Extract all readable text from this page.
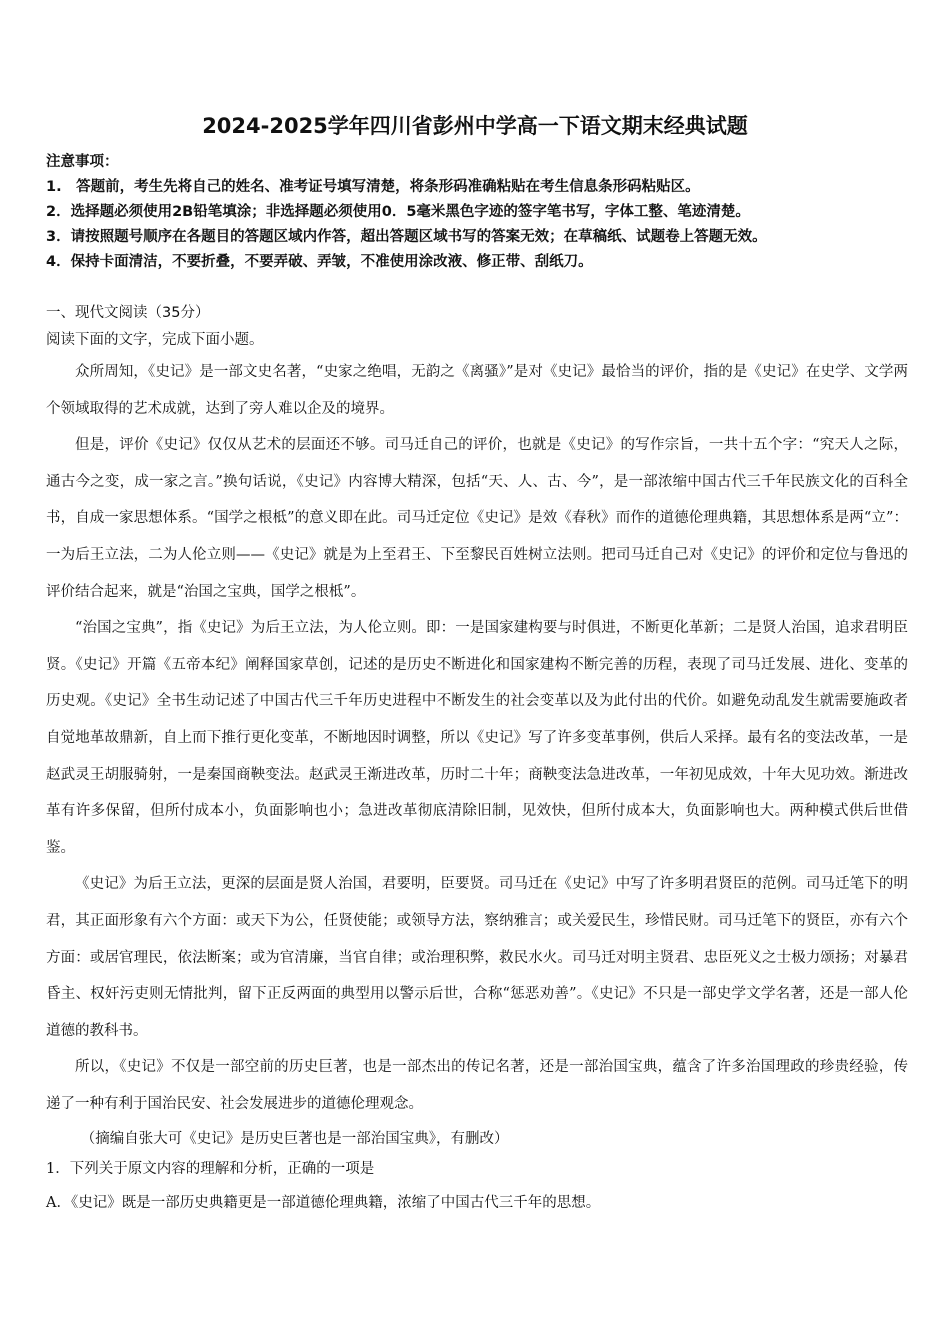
2024-2025学年四川省彭州中学高一下语文期末经典试题
注意事项：
1.　答题前，考生先将自己的姓名、准考证号填写清楚，将条形码准确粘贴在考生信息条形码粘贴区。
2．选择题必须使用2B铅笔填涂；非选择题必须使用0．5毫米黑色字迹的签字笔书写，字体工整、笔迹清楚。
3．请按照题号顺序在各题目的答题区域内作答，超出答题区域书写的答案无效；在草稿纸、试题卷上答题无效。
4．保持卡面清洁，不要折叠，不要弄破、弄皱，不准使用涂改液、修正带、刮纸刀。
一、现代文阅读（35分）
阅读下面的文字，完成下面小题。

众所周知，《史记》是一部文史名著，“史家之绝唱，无韵之《离骚》”是对《史记》最恰当的评价，指的是《史记》在史学、文学两个领域取得的艺术成就，达到了旁人难以企及的境界。

但是，评价《史记》仅仅从艺术的层面还不够。司马迁自己的评价，也就是《史记》的写作宗旨，一共十五个字：“究天人之际，通古今之变，成一家之言。”换句话说，《史记》内容博大精深，包括“天、人、古、今”，是一部浓缩中国古代三千年民族文化的百科全书，自成一家思想体系。“国学之根柢”的意义即在此。司马迁定位《史记》是效《春秋》而作的道德伦理典籍，其思想体系是两“立”：一为后王立法，二为人伦立则——《史记》就是为上至君王、下至黎民百姓树立法则。把司马迁自己对《史记》的评价和定位与鲁迅的评价结合起来，就是“治国之宝典，国学之根柢”。

“治国之宝典”，指《史记》为后王立法，为人伦立则。即：一是国家建构要与时俱进，不断更化革新；二是贤人治国，追求君明臣贤。《史记》开篇《五帝本纪》阐释国家草创，记述的是历史不断进化和国家建构不断完善的历程，表现了司马迁发展、进化、变革的历史观。《史记》全书生动记述了中国古代三千年历史进程中不断发生的社会变革以及为此付出的代价。如避免动乱发生就需要施政者自觉地革故鼎新，自上而下推行更化变革，不断地因时调整，所以《史记》写了许多变革事例，供后人采择。最有名的变法改革，一是赵武灵王胡服骑射，一是秦国商鞅变法。赵武灵王渐进改革，历时二十年；商鞅变法急进改革，一年初见成效，十年大见功效。渐进改革有许多保留，但所付成本小，负面影响也小；急进改革彻底清除旧制，见效快，但所付成本大，负面影响也大。两种模式供后世借鉴。

《史记》为后王立法，更深的层面是贤人治国，君要明，臣要贤。司马迁在《史记》中写了许多明君贤臣的范例。司马迁笔下的明君，其正面形象有六个方面：或天下为公，任贤使能；或领导方法，察纳雅言；或关爱民生，珍惜民财。司马迁笔下的贤臣，亦有六个方面：或居官理民，依法断案；或为官清廉，当官自律；或治理积弊，救民水火。司马迁对明主贤君、忠臣死义之士极力颂扬；对暴君昏主、权奸污吏则无情批判，留下正反两面的典型用以警示后世，合称“惩恶劝善”。《史记》不只是一部史学文学名著，还是一部人伦道德的教科书。

所以，《史记》不仅是一部空前的历史巨著，也是一部杰出的传记名著，还是一部治国宝典，蕴含了许多治国理政的珍贵经验，传递了一种有利于国治民安、社会发展进步的道德伦理观念。

（摘编自张大可《史记》是历史巨著也是一部治国宝典》，有删改）

1．下列关于原文内容的理解和分析，正确的一项是
A．《史记》既是一部历史典籍更是一部道德伦理典籍，浓缩了中国古代三千年的思想。
